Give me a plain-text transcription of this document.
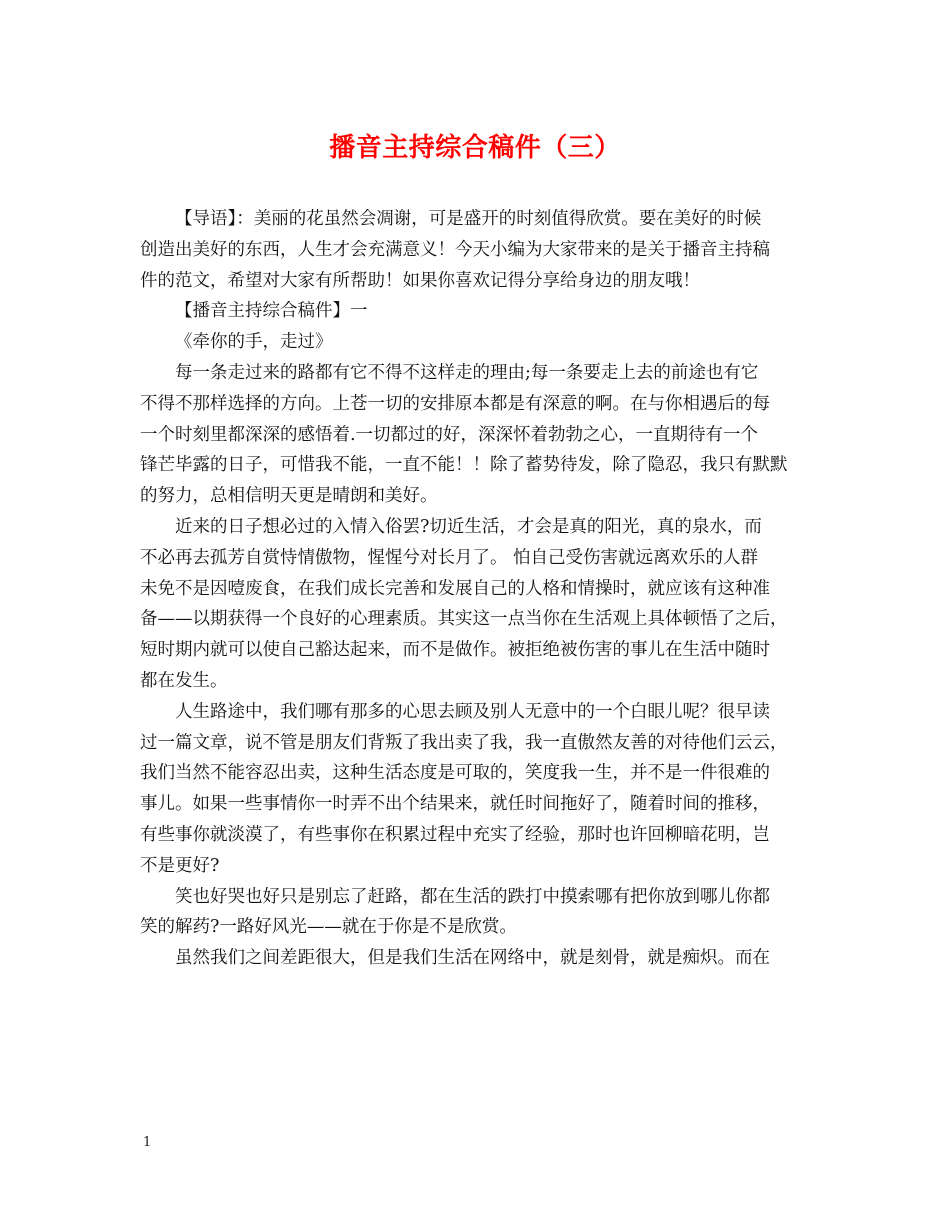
播音主持综合稿件（三）
【导语】：美丽的花虽然会凋谢，可是盛开的时刻值得欣赏。要在美好的时候
创造出美好的东西，人生才会充满意义！今天小编为大家带来的是关于播音主持稿
件的范文，希望对大家有所帮助！如果你喜欢记得分享给身边的朋友哦！
【播音主持综合稿件】一
《牵你的手，走过》
每一条走过来的路都有它不得不这样走的理由;每一条要走上去的前途也有它
不得不那样选择的方向。上苍一切的安排原本都是有深意的啊。在与你相遇后的每
一个时刻里都深深的感悟着.一切都过的好，深深怀着勃勃之心，一直期待有一个
锋芒毕露的日子，可惜我不能，一直不能！！除了蓄势待发，除了隐忍，我只有默默
的努力，总相信明天更是晴朗和美好。
近来的日子想必过的入情入俗罢?切近生活，才会是真的阳光，真的泉水，而
不必再去孤芳自赏恃情傲物，惺惺兮对长月了。 怕自己受伤害就远离欢乐的人群
未免不是因噎废食，在我们成长完善和发展自己的人格和情操时，就应该有这种准
备——以期获得一个良好的心理素质。其实这一点当你在生活观上具体顿悟了之后，
短时期内就可以使自己豁达起来，而不是做作。被拒绝被伤害的事儿在生活中随时
都在发生。
人生路途中，我们哪有那多的心思去顾及别人无意中的一个白眼儿呢？很早读
过一篇文章，说不管是朋友们背叛了我出卖了我，我一直傲然友善的对待他们云云，
我们当然不能容忍出卖，这种生活态度是可取的，笑度我一生，并不是一件很难的
事儿。如果一些事情你一时弄不出个结果来，就任时间拖好了，随着时间的推移，
有些事你就淡漠了，有些事你在积累过程中充实了经验，那时也许回柳暗花明，岂
不是更好?
笑也好哭也好只是别忘了赶路，都在生活的跌打中摸索哪有把你放到哪儿你都
笑的解药?一路好风光——就在于你是不是欣赏。
虽然我们之间差距很大，但是我们生活在网络中，就是刻骨，就是痴炽。而在

1
